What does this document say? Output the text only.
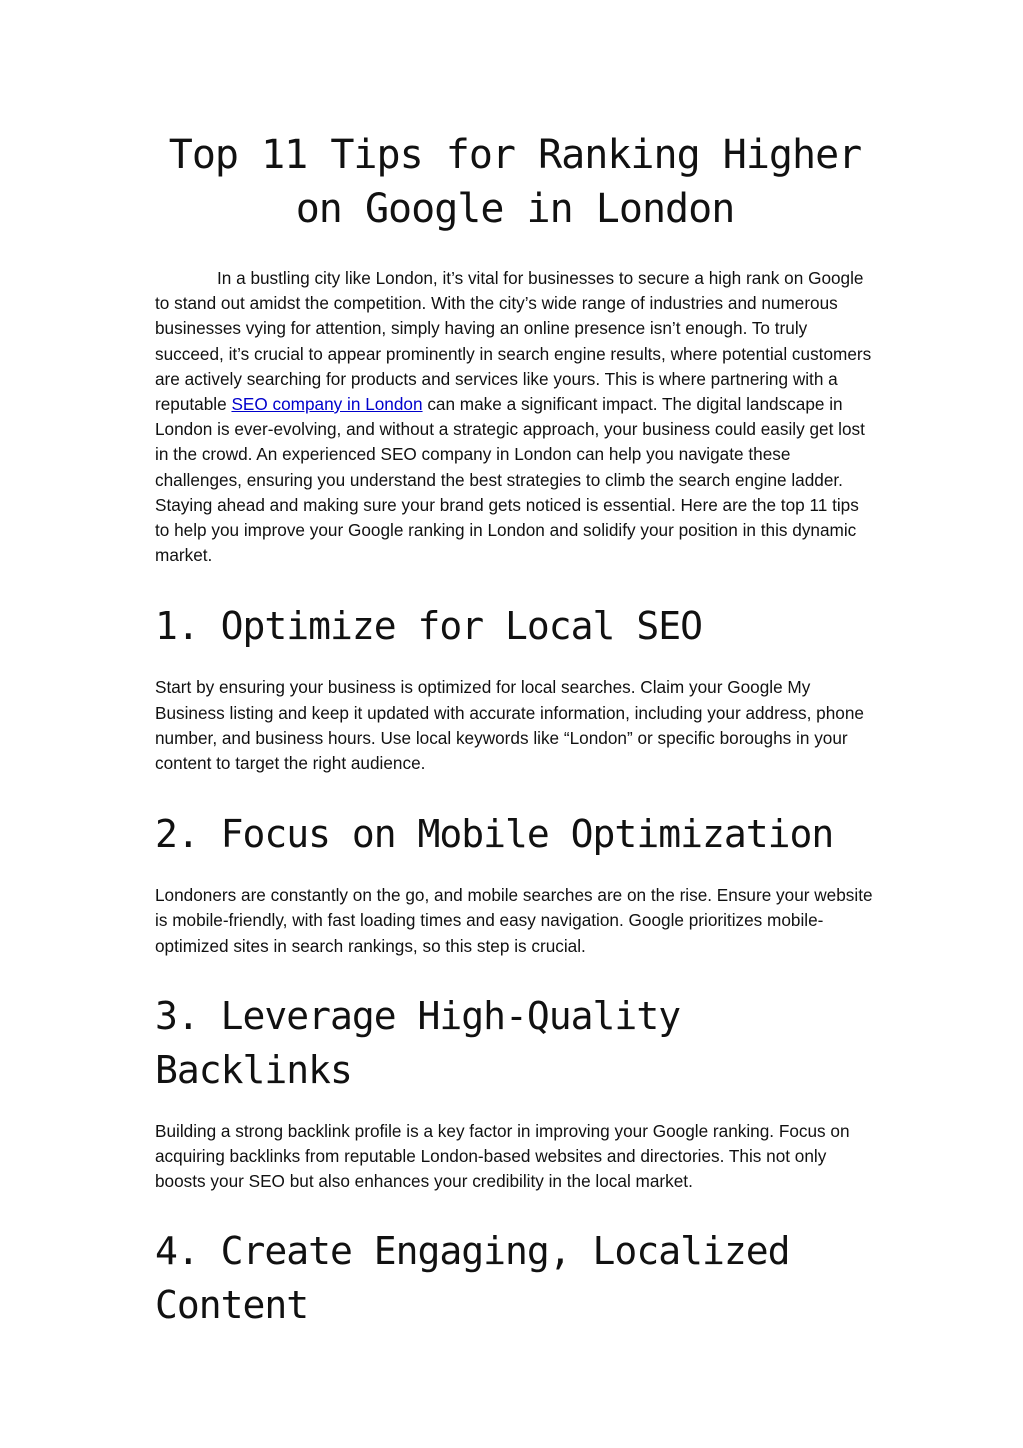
Top 11 Tips for Ranking Higher on Google in London

In a bustling city like London, it’s vital for businesses to secure a high rank on Google to stand out amidst the competition. With the city’s wide range of industries and numerous businesses vying for attention, simply having an online presence isn’t enough. To truly succeed, it’s crucial to appear prominently in search engine results, where potential customers are actively searching for products and services like yours. This is where partnering with a reputable SEO company in London can make a significant impact. The digital landscape in London is ever-evolving, and without a strategic approach, your business could easily get lost in the crowd. An experienced SEO company in London can help you navigate these challenges, ensuring you understand the best strategies to climb the search engine ladder. Staying ahead and making sure your brand gets noticed is essential. Here are the top 11 tips to help you improve your Google ranking in London and solidify your position in this dynamic market.

1. Optimize for Local SEO

Start by ensuring your business is optimized for local searches. Claim your Google My Business listing and keep it updated with accurate information, including your address, phone number, and business hours. Use local keywords like “London” or specific boroughs in your content to target the right audience.

2. Focus on Mobile Optimization

Londoners are constantly on the go, and mobile searches are on the rise. Ensure your website is mobile-friendly, with fast loading times and easy navigation. Google prioritizes mobile-optimized sites in search rankings, so this step is crucial.

3. Leverage High-Quality Backlinks

Building a strong backlink profile is a key factor in improving your Google ranking. Focus on acquiring backlinks from reputable London-based websites and directories. This not only boosts your SEO but also enhances your credibility in the local market.

4. Create Engaging, Localized Content
